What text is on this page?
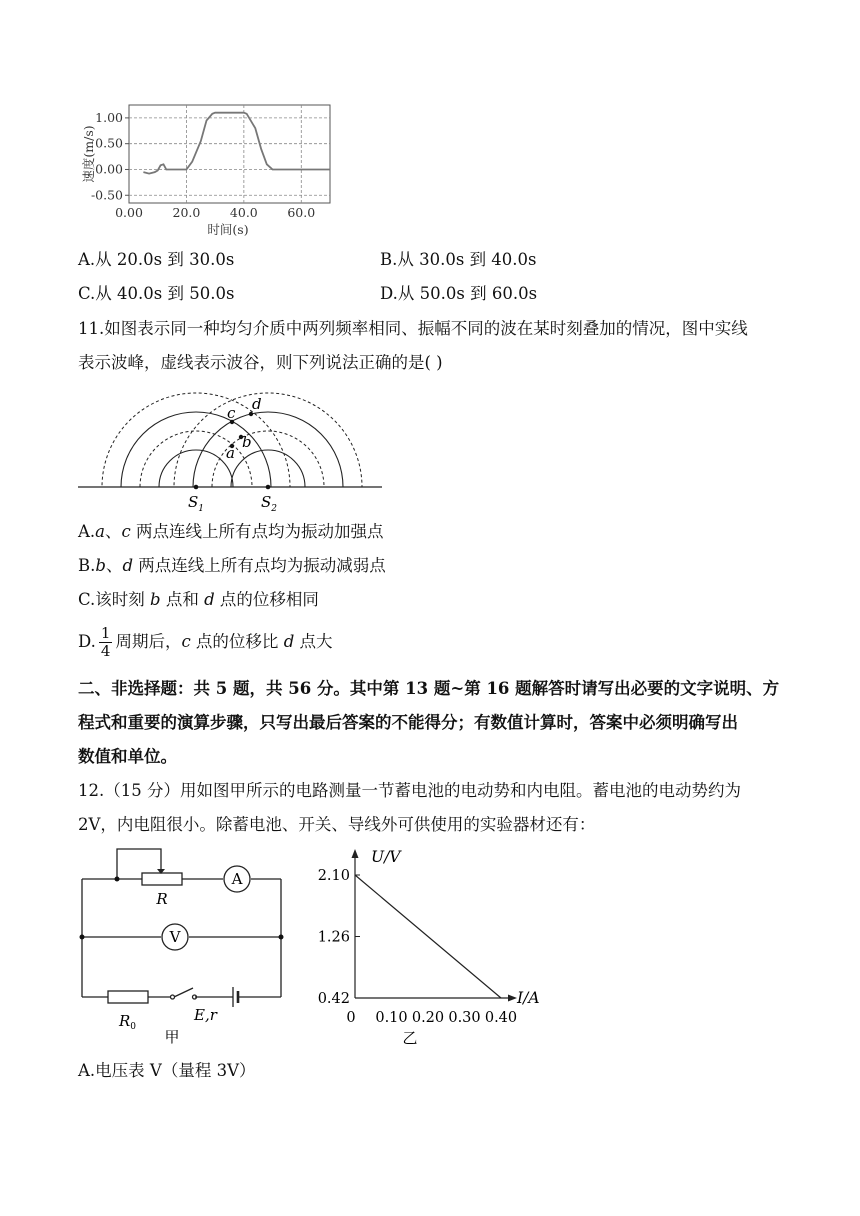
1.00
0.50
0.00
-0.50
0.00 20.0 40.0 60.0
速度(m/s)
时间(s)
A.从 20.0s 到 30.0s	B.从 30.0s 到 40.0s
C.从 40.0s 到 50.0s	D.从 50.0s 到 60.0s
11.如图表示同一种均匀介质中两列频率相同、振幅不同的波在某时刻叠加的情况，图中实线
表示波峰，虚线表示波谷，则下列说法正确的是( )
c d
b
a
$S_1$	$S_2$
A.a、c 两点连线上所有点均为振动加强点
B.b、d 两点连线上所有点均为振动减弱点
C.该时刻 b 点和 d 点的位移相同
D. $\frac{1}{4}$ 周期后，c 点的位移比 d 点大
二、非选择题：共 5 题，共 56 分。其中第 13 题~第 16 题解答时请写出必要的文字说明、方
程式和重要的演算步骤，只写出最后答案的不能得分；有数值计算时，答案中必须明确写出
数值和单位。
12.（15 分）用如图甲所示的电路测量一节蓄电池的电动势和内电阻。蓄电池的电动势约为
2V，内电阻很小。除蓄电池、开关、导线外可供使用的实验器材还有：
A
V
R
$R_0$
E,r
甲
2.10
1.26
0.42
0 0.10 0.20 0.30 0.40
U/V
I/A
乙
A.电压表 V（量程 3V）
